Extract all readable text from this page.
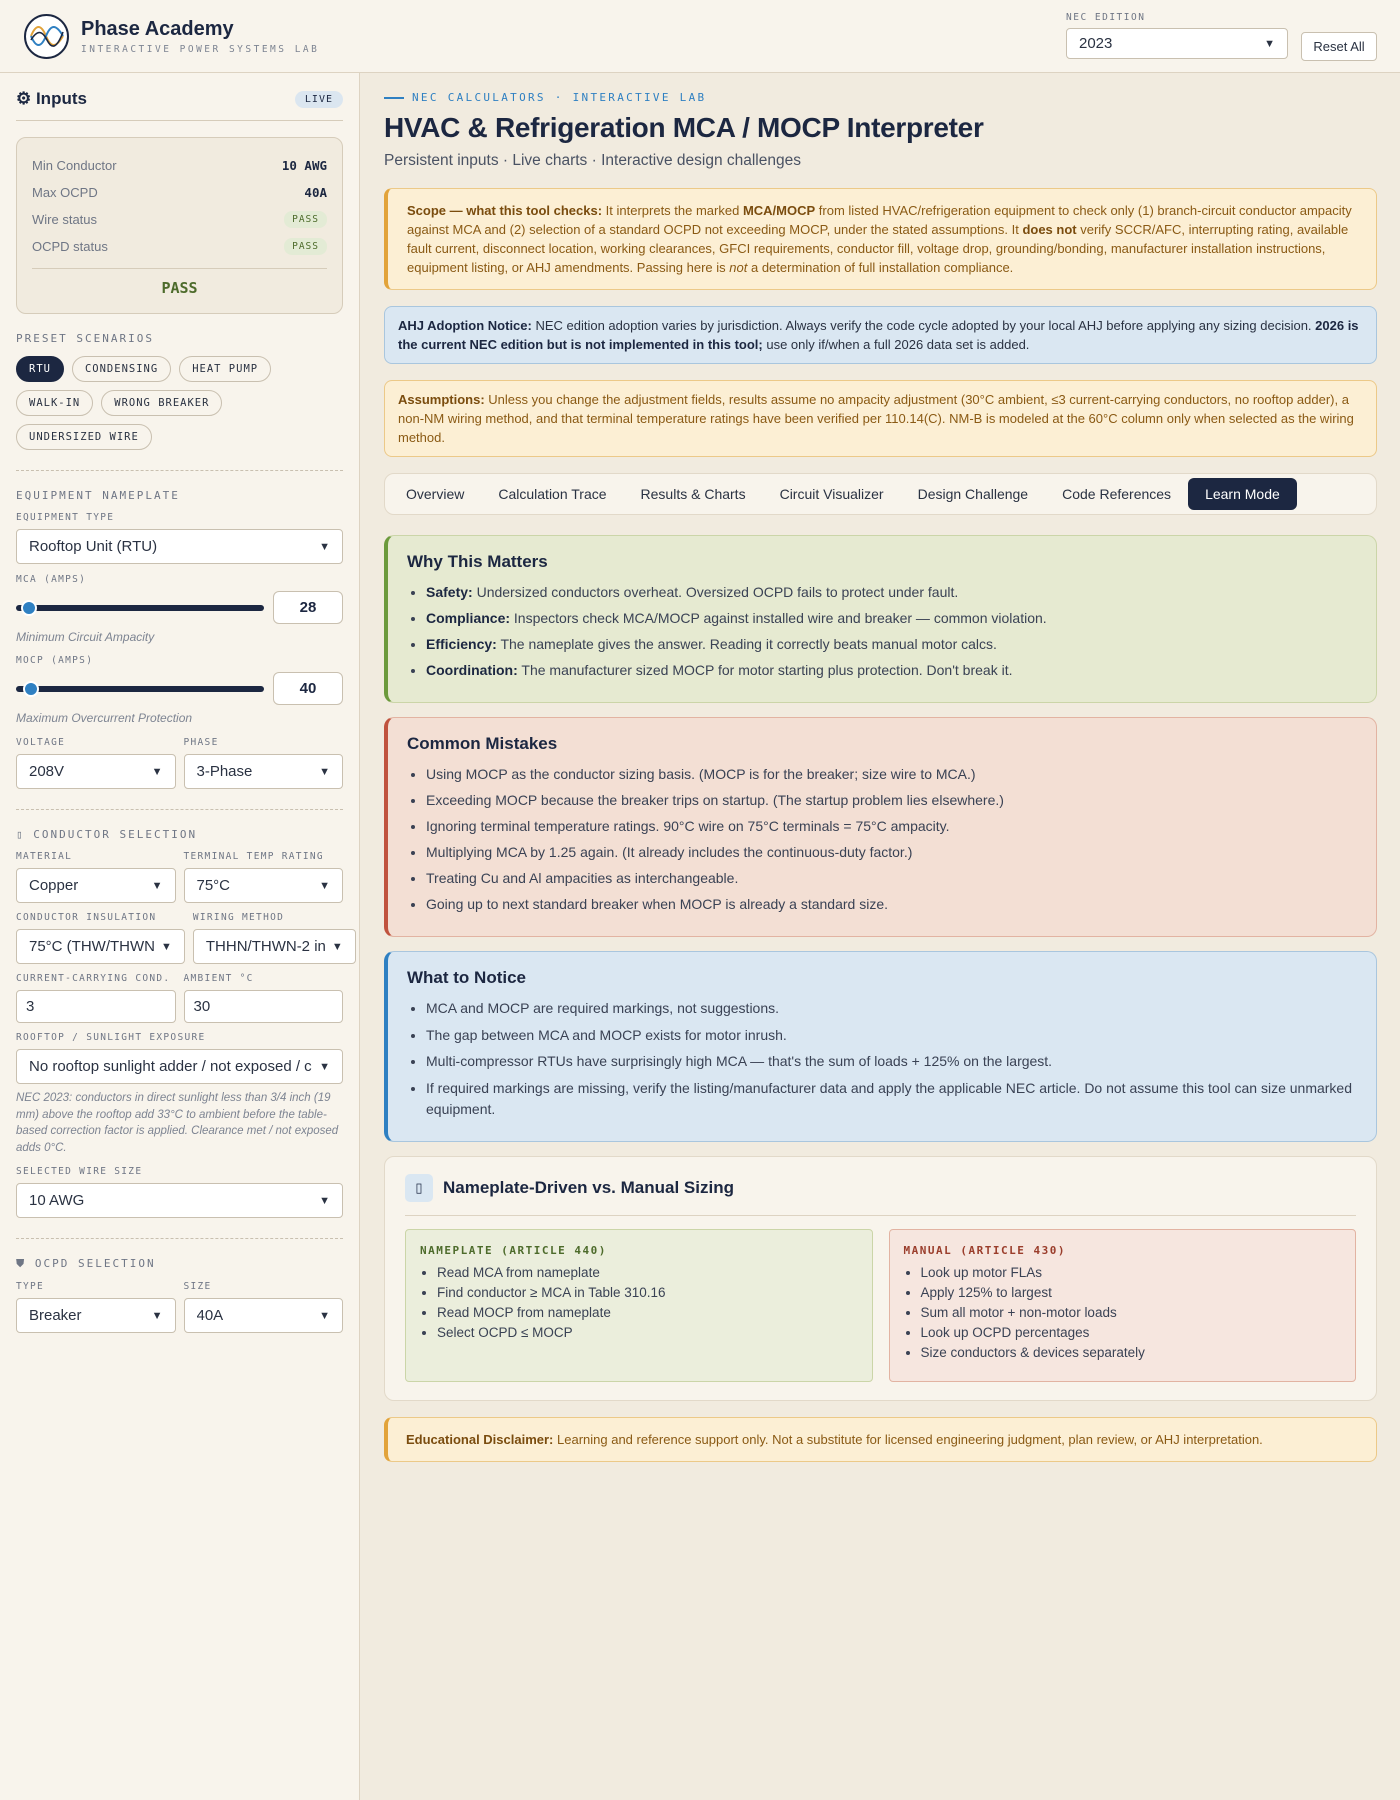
Phase Academy
INTERACTIVE POWER SYSTEMS LAB
NEC EDITION
2023	▼	Reset All
⚙ Inputs	LIVE
Min Conductor	10 AWG
Max OCPD	40A
Wire status	PASS
OCPD status	PASS
PASS
PRESET SCENARIOS
RTU	CONDENSING	HEAT PUMP
WALK-IN	WRONG BREAKER
UNDERSIZED WIRE
EQUIPMENT NAMEPLATE
EQUIPMENT TYPE
Rooftop Unit (RTU)	▼
MCA (AMPS)
28
Minimum Circuit Ampacity
MOCP (AMPS)
40
Maximum Overcurrent Protection
VOLTAGE
208V	▼
PHASE
3-Phase	▼
▯ CONDUCTOR SELECTION
MATERIAL
Copper	▼
TERMINAL TEMP RATING
75°C	▼
CONDUCTOR INSULATION
75°C (THW/THWN ▼
WIRING METHOD
THHN/THWN-2 in ▼
CURRENT-CARRYING COND.
3
AMBIENT °C
30
ROOFTOP / SUNLIGHT EXPOSURE
No rooftop sunlight adder / not exposed / c ▼
NEC 2023: conductors in direct sunlight less than 3/4 inch (19 mm) above the rooftop add 33°C to ambient before the table-based correction factor is applied. Clearance met / not exposed adds 0°C.
SELECTED WIRE SIZE
10 AWG	▼
⛊ OCPD SELECTION
TYPE
Breaker	▼
SIZE
40A	▼
NEC CALCULATORS · INTERACTIVE LAB
HVAC & Refrigeration MCA / MOCP Interpreter
Persistent inputs · Live charts · Interactive design challenges
Scope — what this tool checks: It interprets the marked MCA/MOCP from listed HVAC/refrigeration equipment to check only (1) branch-circuit conductor ampacity against MCA and (2) selection of a standard OCPD not exceeding MOCP, under the stated assumptions. It does not verify SCCR/AFC, interrupting rating, available fault current, disconnect location, working clearances, GFCI requirements, conductor fill, voltage drop, grounding/bonding, manufacturer installation instructions, equipment listing, or AHJ amendments. Passing here is not a determination of full installation compliance.
AHJ Adoption Notice: NEC edition adoption varies by jurisdiction. Always verify the code cycle adopted by your local AHJ before applying any sizing decision. 2026 is the current NEC edition but is not implemented in this tool; use only if/when a full 2026 data set is added.
Assumptions: Unless you change the adjustment fields, results assume no ampacity adjustment (30°C ambient, ≤3 current-carrying conductors, no rooftop adder), a non-NM wiring method, and that terminal temperature ratings have been verified per 110.14(C). NM-B is modeled at the 60°C column only when selected as the wiring method.
Overview	Calculation Trace	Results & Charts	Circuit Visualizer	Design Challenge	Code References	Learn Mode
Why This Matters
• Safety: Undersized conductors overheat. Oversized OCPD fails to protect under fault.
• Compliance: Inspectors check MCA/MOCP against installed wire and breaker — common violation.
• Efficiency: The nameplate gives the answer. Reading it correctly beats manual motor calcs.
• Coordination: The manufacturer sized MOCP for motor starting plus protection. Don't break it.
Common Mistakes
• Using MOCP as the conductor sizing basis. (MOCP is for the breaker; size wire to MCA.)
• Exceeding MOCP because the breaker trips on startup. (The startup problem lies elsewhere.)
• Ignoring terminal temperature ratings. 90°C wire on 75°C terminals = 75°C ampacity.
• Multiplying MCA by 1.25 again. (It already includes the continuous-duty factor.)
• Treating Cu and Al ampacities as interchangeable.
• Going up to next standard breaker when MOCP is already a standard size.
What to Notice
• MCA and MOCP are required markings, not suggestions.
• The gap between MCA and MOCP exists for motor inrush.
• Multi-compressor RTUs have surprisingly high MCA — that's the sum of loads + 125% on the largest.
• If required markings are missing, verify the listing/manufacturer data and apply the applicable NEC article. Do not assume this tool can size unmarked equipment.
▯	Nameplate-Driven vs. Manual Sizing
NAMEPLATE (ARTICLE 440)
• Read MCA from nameplate
• Find conductor ≥ MCA in Table 310.16
• Read MOCP from nameplate
• Select OCPD ≤ MOCP
MANUAL (ARTICLE 430)
• Look up motor FLAs
• Apply 125% to largest
• Sum all motor + non-motor loads
• Look up OCPD percentages
• Size conductors & devices separately
Educational Disclaimer: Learning and reference support only. Not a substitute for licensed engineering judgment, plan review, or AHJ interpretation.
